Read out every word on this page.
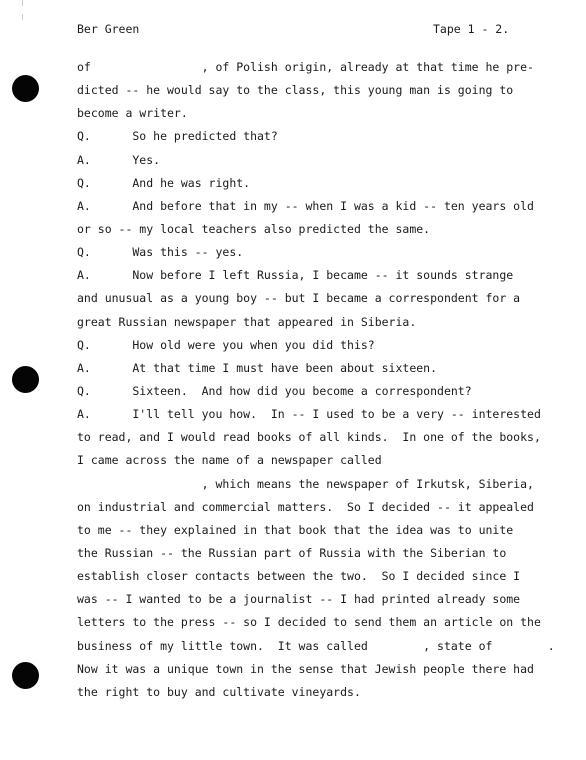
Ber Green	Tape 1 - 2.
of                , of Polish origin, already at that time he pre-
dicted -- he would say to the class, this young man is going to
become a writer.
Q.      So he predicted that?
A.      Yes.
Q.      And he was right.
A.      And before that in my -- when I was a kid -- ten years old
or so -- my local teachers also predicted the same.
Q.      Was this -- yes.
A.      Now before I left Russia, I became -- it sounds strange
and unusual as a young boy -- but I became a correspondent for a
great Russian newspaper that appeared in Siberia.
Q.      How old were you when you did this?
A.      At that time I must have been about sixteen.
Q.      Sixteen.  And how did you become a correspondent?
A.      I'll tell you how.  In -- I used to be a very -- interested
to read, and I would read books of all kinds.  In one of the books,
I came across the name of a newspaper called
, which means the newspaper of Irkutsk, Siberia,
on industrial and commercial matters.  So I decided -- it appealed
to me -- they explained in that book that the idea was to unite
the Russian -- the Russian part of Russia with the Siberian to
establish closer contacts between the two.  So I decided since I
was -- I wanted to be a journalist -- I had printed already some
letters to the press -- so I decided to send them an article on the
business of my little town.  It was called        , state of        .
Now it was a unique town in the sense that Jewish people there had
the right to buy and cultivate vineyards.
